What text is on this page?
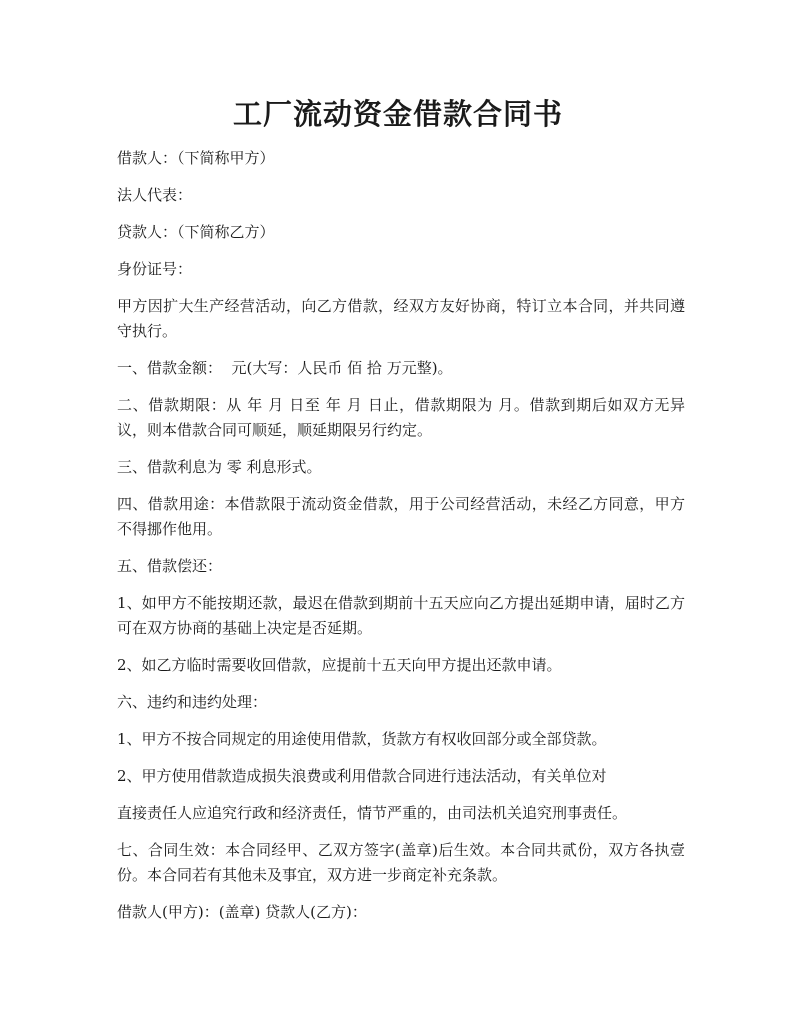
工厂流动资金借款合同书

借款人：（下简称甲方）

法人代表：

贷款人：（下简称乙方）

身份证号：

甲方因扩大生产经营活动，向乙方借款，经双方友好协商，特订立本合同，并共同遵守执行。

一、借款金额：  元(大写：人民币 佰 拾 万元整)。

二、借款期限：从 年 月 日至 年 月 日止，借款期限为 月。借款到期后如双方无异议，则本借款合同可顺延，顺延期限另行约定。

三、借款利息为 零 利息形式。

四、借款用途：本借款限于流动资金借款，用于公司经营活动，未经乙方同意，甲方不得挪作他用。

五、借款偿还：

1、如甲方不能按期还款，最迟在借款到期前十五天应向乙方提出延期申请，届时乙方可在双方协商的基础上决定是否延期。

2、如乙方临时需要收回借款，应提前十五天向甲方提出还款申请。

六、违约和违约处理：

1、甲方不按合同规定的用途使用借款，货款方有权收回部分或全部贷款。

2、甲方使用借款造成损失浪费或利用借款合同进行违法活动，有关单位对

直接责任人应追究行政和经济责任，情节严重的，由司法机关追究刑事责任。

七、合同生效：本合同经甲、乙双方签字(盖章)后生效。本合同共贰份，双方各执壹份。本合同若有其他未及事宜，双方进一步商定补充条款。

借款人(甲方)：(盖章) 贷款人(乙方)：
